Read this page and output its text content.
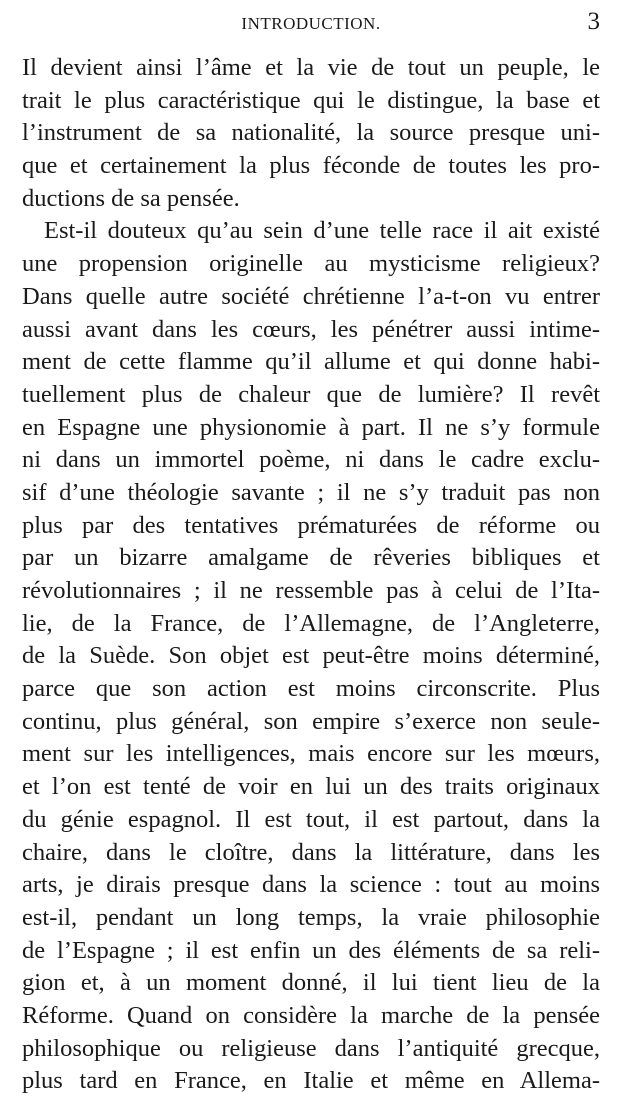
INTRODUCTION.	3
Il devient ainsi l’âme et la vie de tout un peuple, le
trait le plus caractéristique qui le distingue, la base et
l’instrument de sa nationalité, la source presque uni-
que et certainement la plus féconde de toutes les pro-
ductions de sa pensée.
Est-il douteux qu’au sein d’une telle race il ait existé
une propension originelle au mysticisme religieux?
Dans quelle autre société chrétienne l’a-t-on vu entrer
aussi avant dans les cœurs, les pénétrer aussi intime-
ment de cette flamme qu’il allume et qui donne habi-
tuellement plus de chaleur que de lumière? Il revêt
en Espagne une physionomie à part. Il ne s’y formule
ni dans un immortel poème, ni dans le cadre exclu-
sif d’une théologie savante ; il ne s’y traduit pas non
plus par des tentatives prématurées de réforme ou
par un bizarre amalgame de rêveries bibliques et
révolutionnaires ; il ne ressemble pas à celui de l’Ita-
lie, de la France, de l’Allemagne, de l’Angleterre,
de la Suède. Son objet est peut-être moins déterminé,
parce que son action est moins circonscrite. Plus
continu, plus général, son empire s’exerce non seule-
ment sur les intelligences, mais encore sur les mœurs,
et l’on est tenté de voir en lui un des traits originaux
du génie espagnol. Il est tout, il est partout, dans la
chaire, dans le cloître, dans la littérature, dans les
arts, je dirais presque dans la science : tout au moins
est-il, pendant un long temps, la vraie philosophie
de l’Espagne ; il est enfin un des éléments de sa reli-
gion et, à un moment donné, il lui tient lieu de la
Réforme. Quand on considère la marche de la pensée
philosophique ou religieuse dans l’antiquité grecque,
plus tard en France, en Italie et même en Allema-
